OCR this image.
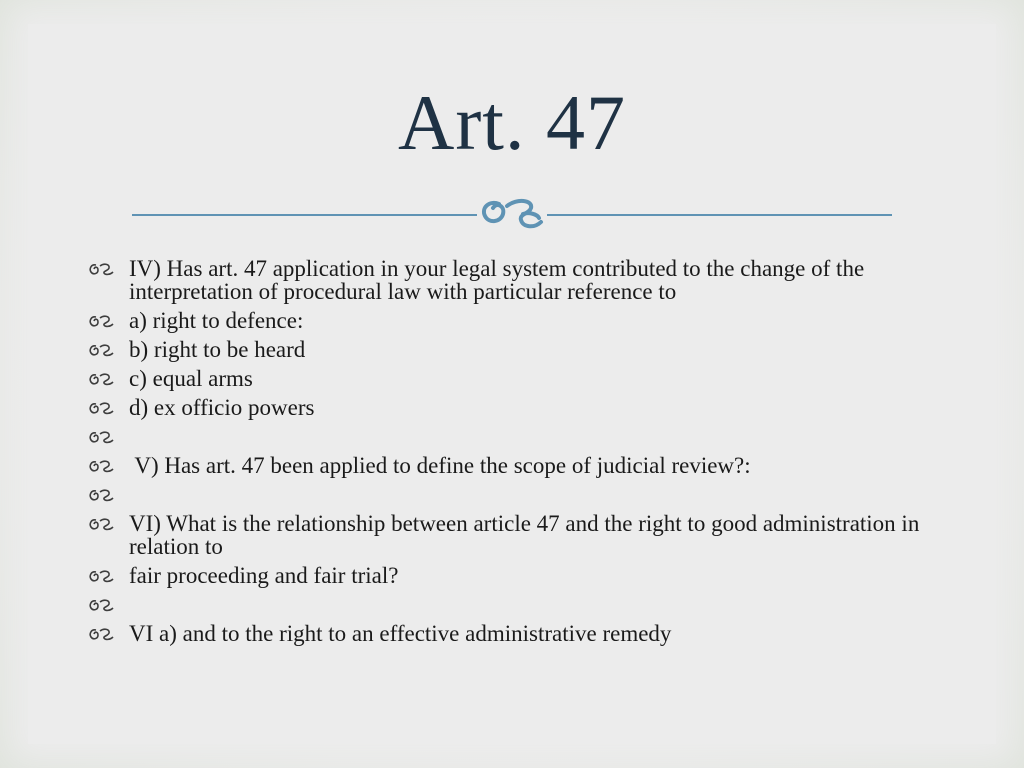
Art. 47
IV) Has art. 47 application in your legal system contributed to the change of the interpretation of procedural law with particular reference to
a) right to defence:
b) right to be heard
c) equal arms
d) ex officio powers
V) Has art. 47 been applied to define the scope of judicial review?:
VI) What is the relationship between article 47 and the right to good administration in relation to
fair proceeding and fair trial?
VI a) and to the right to an effective administrative remedy
